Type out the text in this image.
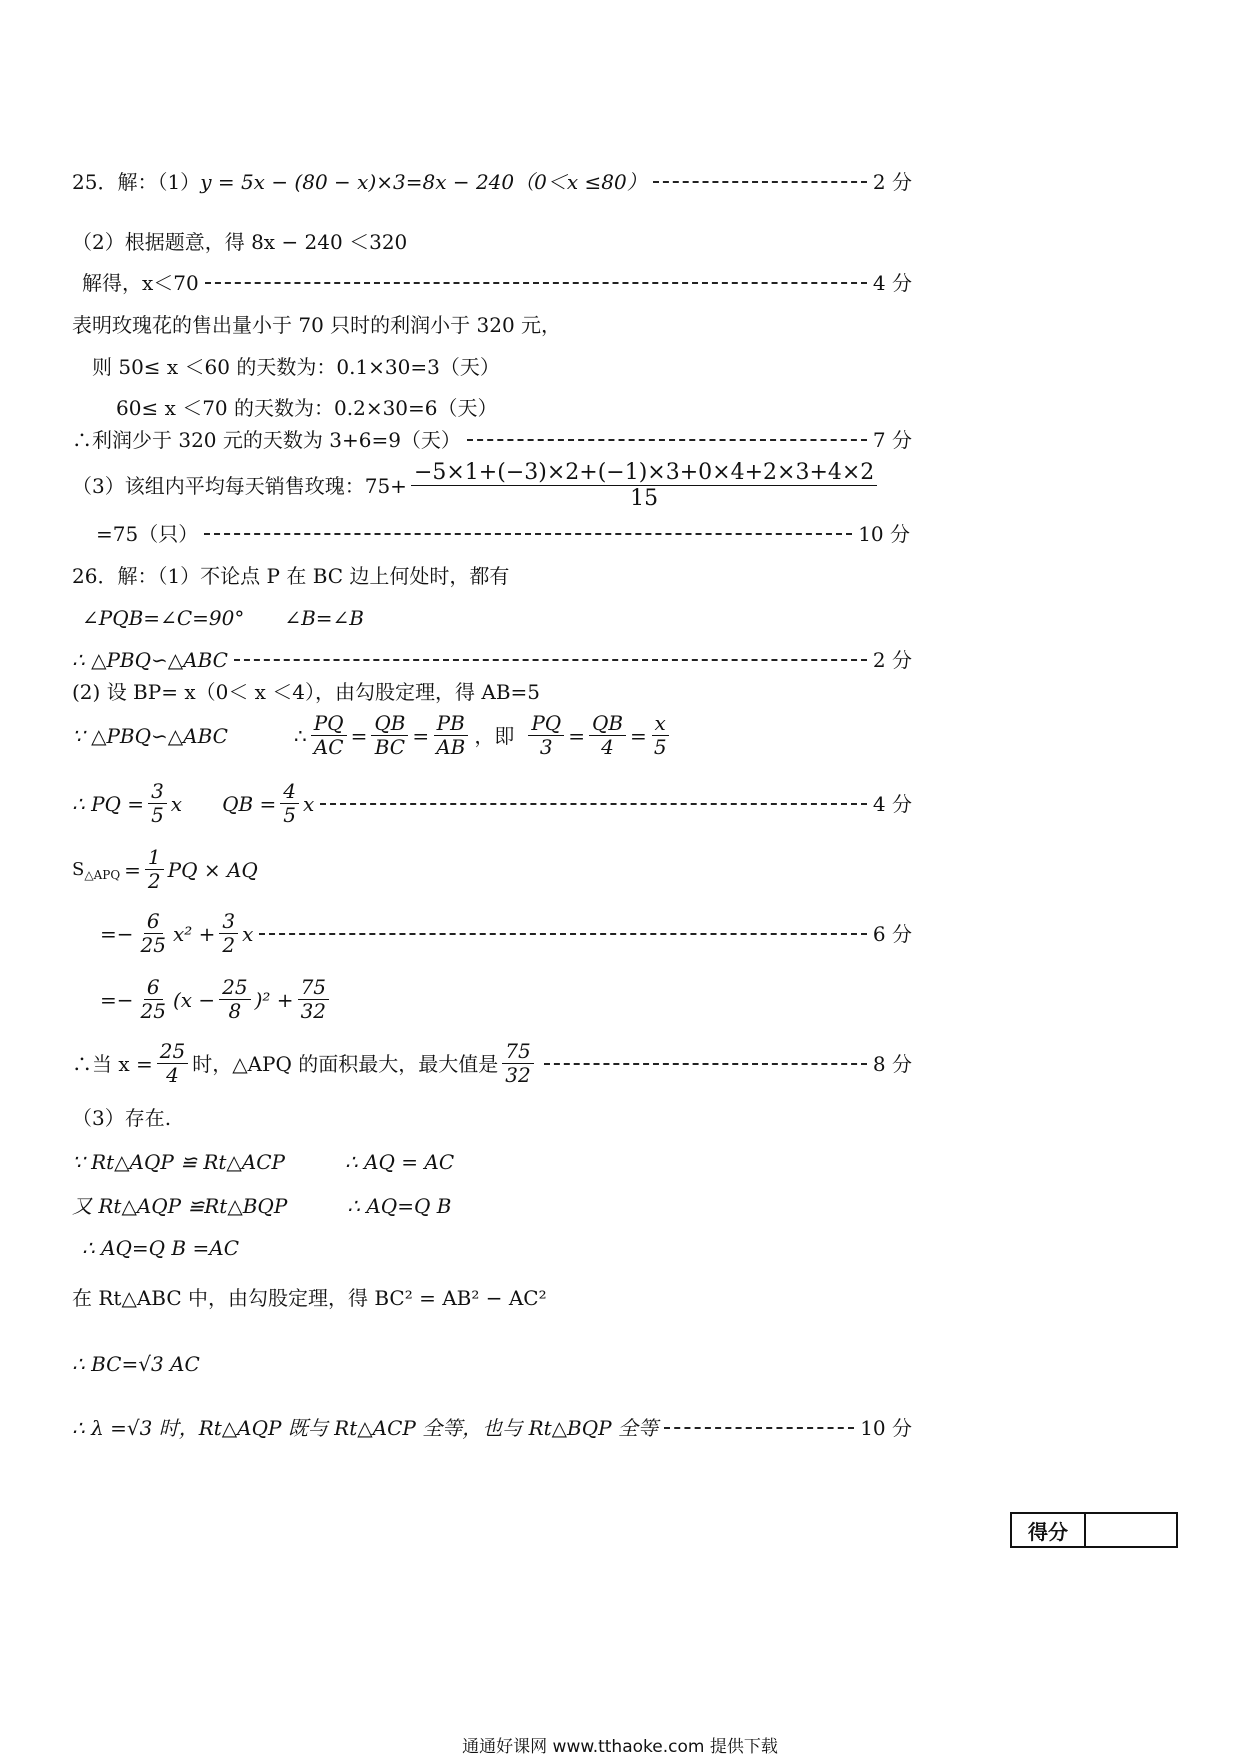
25．解：（1） y = 5x − (80 − x)×3=8x − 240（0＜x ≤80）	2 分
（2）根据题意，得 8x − 240 ＜320
解得，x＜70	4 分
表明玫瑰花的售出量小于 70 只时的利润小于 320 元，
则 50≤ x ＜60 的天数为：0.1×30=3（天）
60≤ x ＜70 的天数为：0.2×30=6（天）
∴利润少于 320 元的天数为 3+6=9（天）	7 分
（3）该组内平均每天销售玫瑰：$75+ \frac{-5\times 1+(-3)\times 2+(-1)\times 3+0\times 4+2\times 3+4\times 2}{15}$
=75（只）	10 分
26．解：（1）不论点 P 在 BC 边上何处时，都有
∠PQB=∠C=90°　　∠B=∠B
∴ △PBQ∽△ABC	2 分
(2) 设 BP= x（0＜ x ＜4），由勾股定理，得 AB=5
∵ △PBQ∽△ABC	∴ $\frac{PQ}{AC} = \frac{QB}{BC} = \frac{PB}{AB}$ ，即 $\frac{PQ}{3} = \frac{QB}{4} = \frac{x}{5}$
∴ PQ = $\frac{3}{5}$ x QB = $\frac{4}{5}$ x	4 分
S △APQ = $\frac{1}{2}$ PQ × AQ
=− $\frac{6}{25} x^2 + \frac{3}{2}$ x	6 分
=− $\frac{6}{25} (x - \frac{25}{8} )^2 + \frac{75}{32}$
∴当 $x = \frac{25}{4}$ 时，△APQ 的面积最大，最大值是 $\frac{75}{32}$	8 分
（3）存在.
∵ Rt△AQP ≌ Rt△ACP　　　∴ AQ = AC
又 Rt△AQP ≌Rt△BQP　　　∴ AQ=Q B
∴ AQ=Q B =AC
在 Rt△ABC 中，由勾股定理，得 BC² = AB² − AC²
∴ BC=√3 AC
∴ λ =√3 时，Rt△AQP 既与 Rt△ACP 全等，也与 Rt△BQP 全等	10 分
得分
通通好课网 www.tthaoke.com 提供下载
